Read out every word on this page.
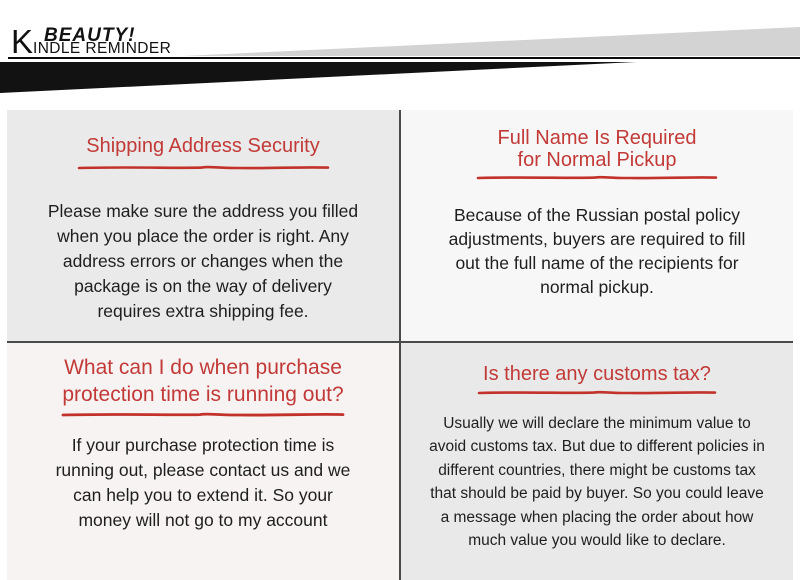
K BEAUTY!
INDLE REMINDER
Shipping Address Security
Please make sure the address you filled
when you place the order is right. Any
address errors or changes when the
package is on the way of delivery
requires extra shipping fee.
Full Name Is Required
for Normal Pickup
Because of the Russian postal policy
adjustments, buyers are required to fill
out the full name of the recipients for
normal pickup.
What can I do when purchase
protection time is running out?
If your purchase protection time is
running out, please contact us and we
can help you to extend it. So your
money will not go to my account
Is there any customs tax?
Usually we will declare the minimum value to
avoid customs tax. But due to different policies in
different countries, there might be customs tax
that should be paid by buyer. So you could leave
a message when placing the order about how
much value you would like to declare.
